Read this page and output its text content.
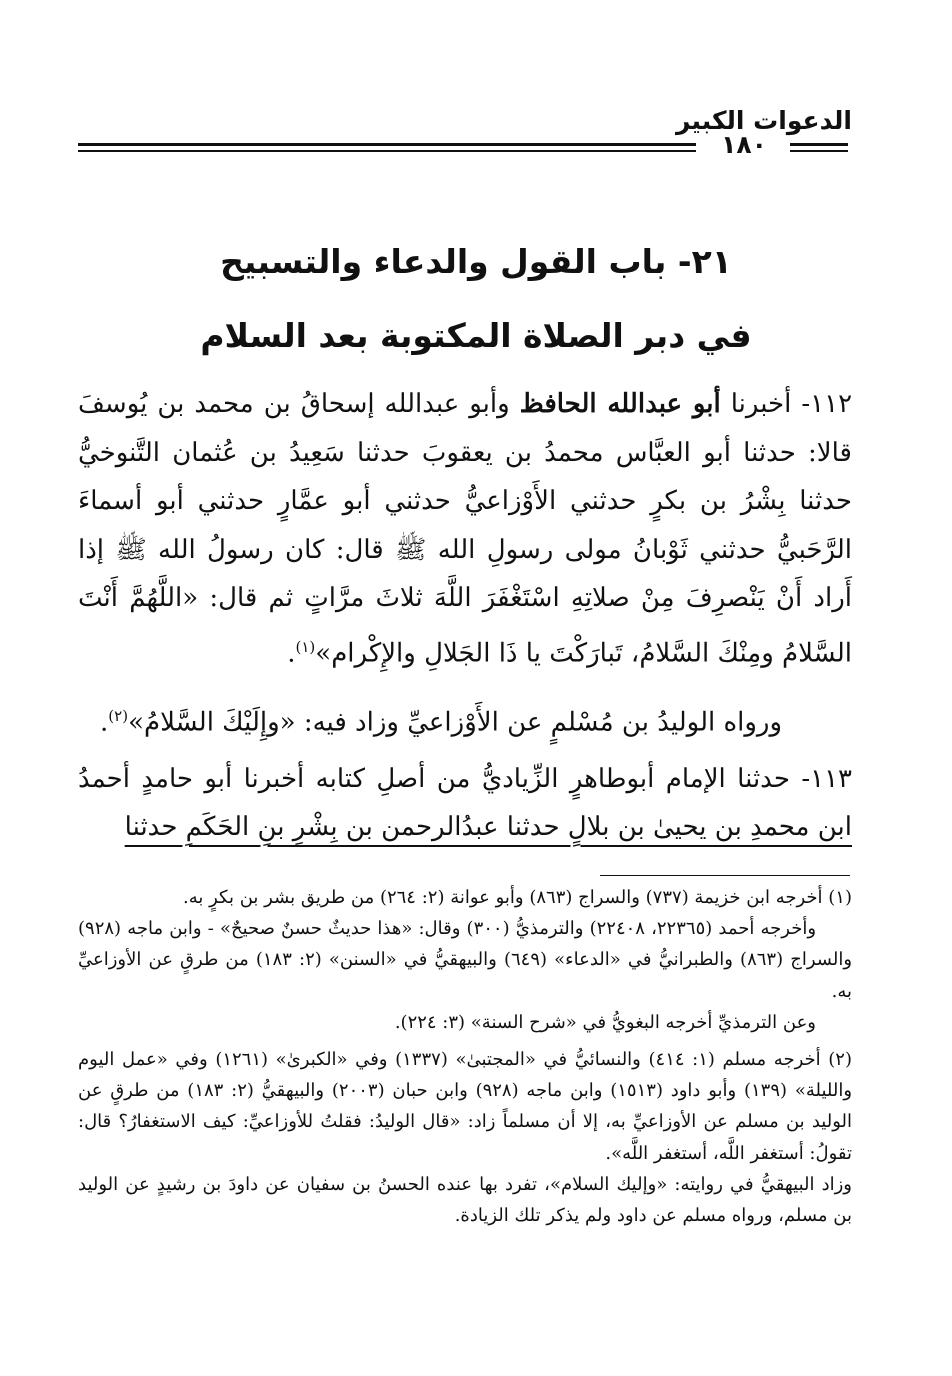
الدعوات الكبير
١٨٠
٢١- باب القول والدعاء والتسبيح
في دبر الصلاة المكتوبة بعد السلام

١١٢- أخبرنا أبو عبدالله الحافظ وأبو عبدالله إسحاقُ بن محمد بن يُوسفَ قالا: حدثنا أبو العبَّاس محمدُ بن يعقوبَ حدثنا سَعِيدُ بن عُثمان التَّنوخيُّ حدثنا بِشْرُ بن بكرٍ حدثني الأَوْزاعيُّ حدثني أبو عمَّارٍ حدثني أبو أسماءَ الرَّحَبيُّ حدثني ثَوْبانُ مولى رسولِ الله ﷺ قال: كان رسولُ الله ﷺ إذا أَراد أَنْ يَنْصرِفَ مِنْ صلاتِهِ اسْتَغْفَرَ اللَّهَ ثلاثَ مرَّاتٍ ثم قال: «اللَّهُمَّ أَنْتَ السَّلامُ ومِنْكَ السَّلامُ، تَبارَكْتَ يا ذَا الجَلالِ والإِكْرام»$^{(١)}$.

ورواه الوليدُ بن مُسْلمٍ عن الأَوْزاعيِّ وزاد فيه: «وإِلَيْكَ السَّلامُ»$^{(٢)}$.

١١٣- حدثنا الإمام أبوطاهرٍ الزِّياديُّ من أصلِ كتابه أخبرنا أبو حامدٍ أحمدُ ابن محمدِ بن يحيىٰ بن بلالٍ حدثنا عبدُالرحمن بن بِشْرِ بنِ الحَكَمِ حدثنا

(١) أخرجه ابن خزيمة (٧٣٧) والسراج (٨٦٣) وأبو عوانة (٢: ٢٦٤) من طريق بشر بن بكرٍ به.

وأخرجه أحمد (٢٢٣٦٥، ٢٢٤٠٨) والترمذيُّ (٣٠٠) وقال: «هذا حديثٌ حسنٌ صحيحٌ» - وابن ماجه (٩٢٨) والسراج (٨٦٣) والطبرانيُّ في «الدعاء» (٦٤٩) والبيهقيُّ في «السنن» (٢: ١٨٣) من طرقٍ عن الأوزاعيِّ به.

وعن الترمذيِّ أخرجه البغويُّ في «شرح السنة» (٣: ٢٢٤).

(٢) أخرجه مسلم (١: ٤١٤) والنسائيُّ في «المجتبىٰ» (١٣٣٧) وفي «الكبرىٰ» (١٢٦١) وفي «عمل اليوم والليلة» (١٣٩) وأبو داود (١٥١٣) وابن ماجه (٩٢٨) وابن حبان (٢٠٠٣) والبيهقيُّ (٢: ١٨٣) من طرقٍ عن الوليد بن مسلم عن الأوزاعيِّ به، إلا أن مسلماً زاد: «قال الوليدُ: فقلتُ للأوزاعيِّ: كيف الاستغفارُ؟ قال: تقولُ: أستغفر اللَّه، أستغفر اللَّه».

وزاد البيهقيُّ في روايته: «وإليك السلام»، تفرد بها عنده الحسنُ بن سفيان عن داودَ بن رشيدٍ عن الوليد بن مسلم، ورواه مسلم عن داود ولم يذكر تلك الزيادة.
